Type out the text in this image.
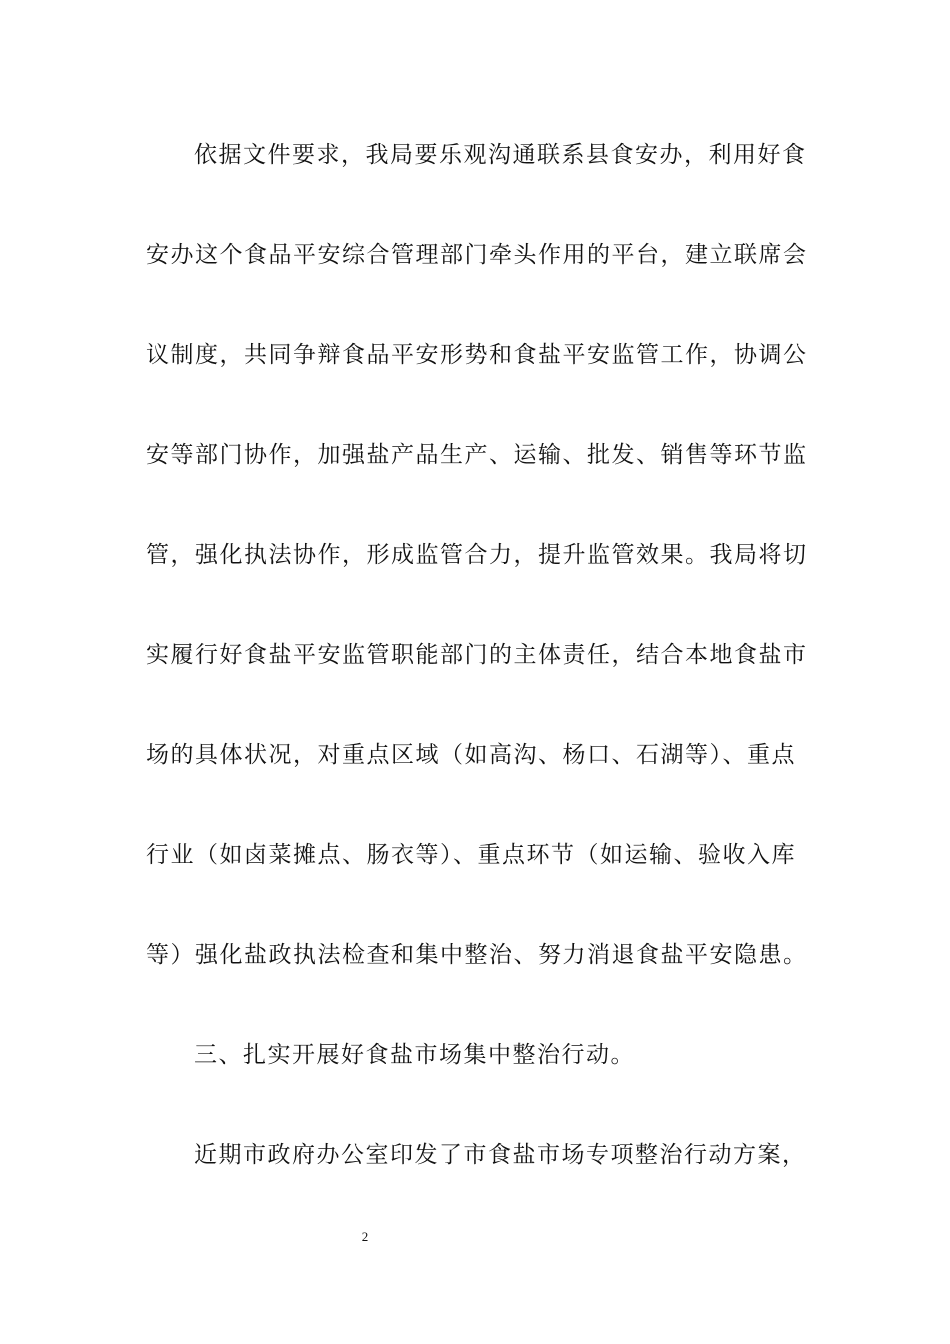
依据文件要求，我局要乐观沟通联系县食安办，利用好食
安办这个食品平安综合管理部门牵头作用的平台，建立联席会
议制度，共同争辩食品平安形势和食盐平安监管工作，协调公
安等部门协作，加强盐产品生产、运输、批发、销售等环节监
管，强化执法协作，形成监管合力，提升监管效果。我局将切
实履行好食盐平安监管职能部门的主体责任，结合本地食盐市
场的具体状况，对重点区域（如高沟、杨口、石湖等）、重点
行业（如卤菜摊点、肠衣等）、重点环节（如运输、验收入库
等）强化盐政执法检查和集中整治、努力消退食盐平安隐患。
三、扎实开展好食盐市场集中整治行动。
近期市政府办公室印发了市食盐市场专项整治行动方案，
2
